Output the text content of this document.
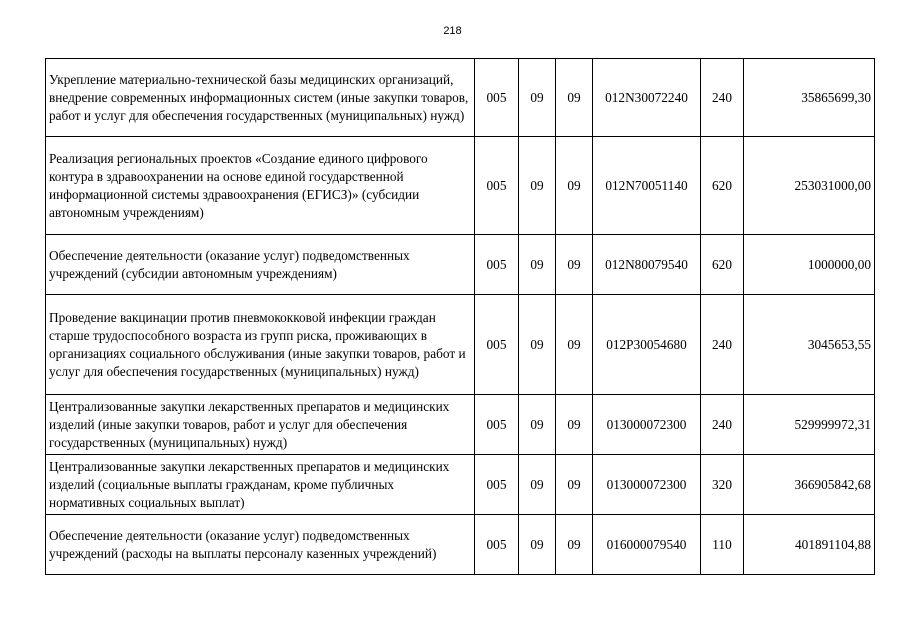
218
Укрепление материально-технической базы медицинских организаций, внедрение современных информационных систем (иные закупки товаров, работ и услуг для обеспечения государственных (муниципальных) нужд)	005	09	09	012N30072240	240	35865699,30
Реализация региональных проектов «Создание единого цифрового контура в здравоохранении на основе единой государственной информационной системы здравоохранения (ЕГИСЗ)» (субсидии автономным учреждениям)	005	09	09	012N70051140	620	253031000,00
Обеспечение деятельности (оказание услуг) подведомственных учреждений (субсидии автономным учреждениям)	005	09	09	012N80079540	620	1000000,00
Проведение вакцинации против пневмококковой инфекции граждан старше трудоспособного возраста из групп риска, проживающих в организациях социального обслуживания (иные закупки товаров, работ и услуг для обеспечения государственных (муниципальных) нужд)	005	09	09	012P30054680	240	3045653,55
Централизованные закупки лекарственных препаратов и медицинских изделий (иные закупки товаров, работ и услуг для обеспечения государственных (муниципальных) нужд)	005	09	09	013000072300	240	529999972,31
Централизованные закупки лекарственных препаратов и медицинских изделий (социальные выплаты гражданам, кроме публичных нормативных социальных выплат)	005	09	09	013000072300	320	366905842,68
Обеспечение деятельности (оказание услуг) подведомственных учреждений (расходы на выплаты персоналу казенных учреждений)	005	09	09	016000079540	110	401891104,88
